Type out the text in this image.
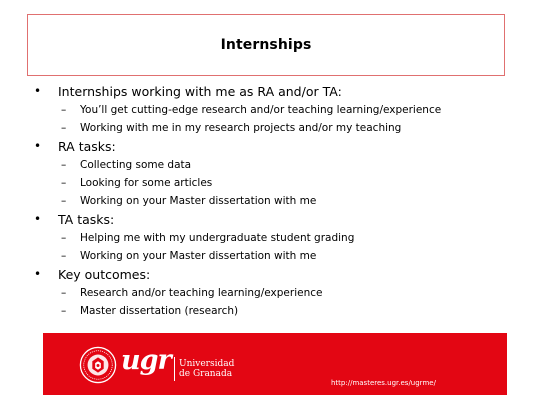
Internships
• Internships working with me as RA and/or TA:
– You’ll get cutting-edge research and/or teaching learning/experience
– Working with me in my research projects and/or my teaching
• RA tasks:
– Collecting some data
– Looking for some articles
– Working on your Master dissertation with me
• TA tasks:
– Helping me with my undergraduate student grading
– Working on your Master dissertation with me
• Key outcomes:
– Research and/or teaching learning/experience
– Master dissertation (research)
ugr Universidad
de Granada
http://masteres.ugr.es/ugrme/
